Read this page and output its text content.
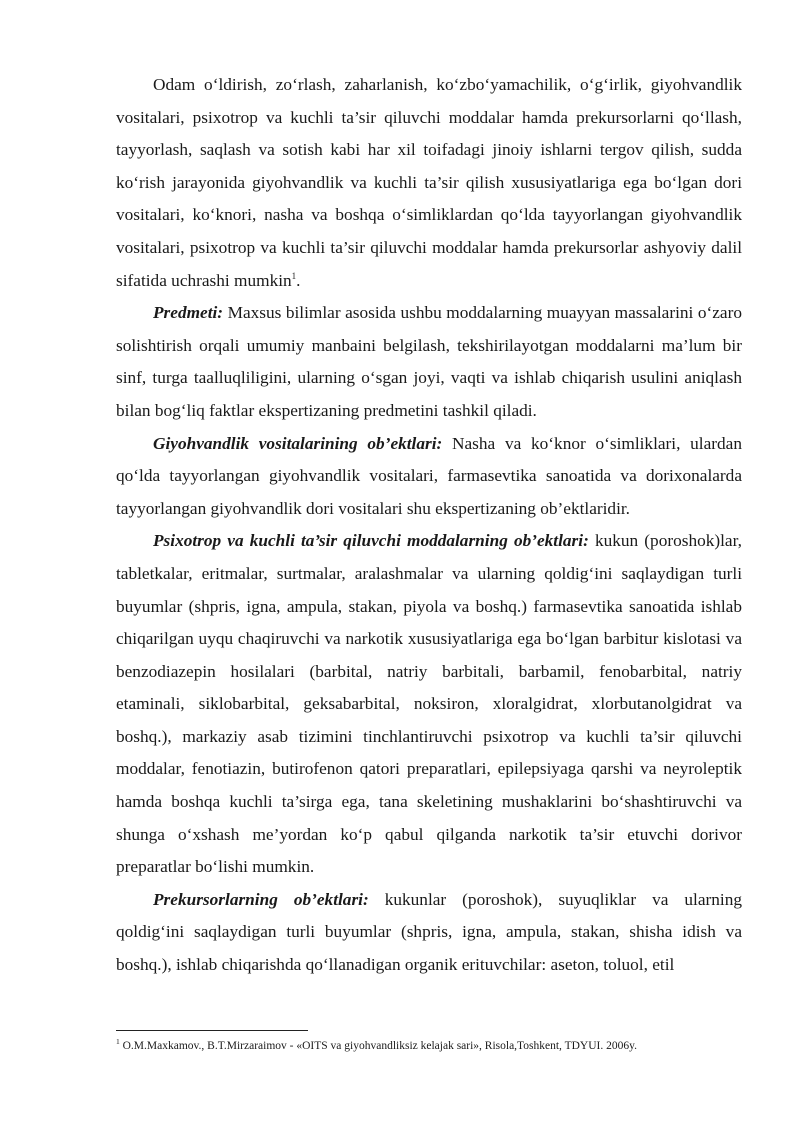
Odam o‘ldirish, zo‘rlash, zaharlanish, ko‘zbo‘yamachilik, o‘g‘irlik, giyohvandlik vositalari, psixotrop va kuchli ta’sir qiluvchi moddalar hamda prekursorlarni qo‘llash, tayyorlash, saqlash va sotish kabi har xil toifadagi jinoiy ishlarni tergov qilish, sudda ko‘rish jarayonida giyohvandlik va kuchli ta’sir qilish xususiyatlariga ega bo‘lgan dori vositalari, ko‘knori, nasha va boshqa o‘simliklardan qo‘lda tayyorlangan giyohvandlik vositalari, psixotrop va kuchli ta’sir qiluvchi moddalar hamda prekursorlar ashyoviy dalil sifatida uchrashi mumkin$^1$.

Predmeti: Maxsus bilimlar asosida ushbu moddalarning muayyan massalarini o‘zaro solishtirish orqali umumiy manbaini belgilash, tekshirilayotgan moddalarni ma’lum bir sinf, turga taalluqliligini, ularning o‘sgan joyi, vaqti va ishlab chiqarish usulini aniqlash bilan bog‘liq faktlar ekspertizaning predmetini tashkil qiladi.

Giyohvandlik vositalarining ob’ektlari: Nasha va ko‘knor o‘simliklari, ulardan qo‘lda tayyorlangan giyohvandlik vositalari, farmasevtika sanoatida va dorixonalarda tayyorlangan giyohvandlik dori vositalari shu ekspertizaning ob’ektlaridir.

Psixotrop va kuchli ta’sir qiluvchi moddalarning ob’ektlari: kukun (poroshok)lar, tabletkalar, eritmalar, surtmalar, aralashmalar va ularning qoldig‘ini saqlaydigan turli buyumlar (shpris, igna, ampula, stakan, piyola va boshq.) farmasevtika sanoatida ishlab chiqarilgan uyqu chaqiruvchi va narkotik xususiyatlariga ega bo‘lgan barbitur kislotasi va benzodiazepin hosilalari (barbital, natriy barbitali, barbamil, fenobarbital, natriy etaminali, siklobarbital, geksabarbital, noksiron, xloralgidrat, xlorbutanolgidrat va boshq.), markaziy asab tizimini tinchlantiruvchi psixotrop va kuchli ta’sir qiluvchi moddalar, fenotiazin, butirofenon qatori preparatlari, epilepsiyaga qarshi va neyroleptik hamda boshqa kuchli ta’sirga ega, tana skeletining mushaklarini bo‘shashtiruvchi va shunga o‘xshash me’yordan ko‘p qabul qilganda narkotik ta’sir etuvchi dorivor preparatlar bo‘lishi mumkin.

Prekursorlarning ob’ektlari: kukunlar (poroshok), suyuqliklar va ularning qoldig‘ini saqlaydigan turli buyumlar (shpris, igna, ampula, stakan, shisha idish va boshq.), ishlab chiqarishda qo‘llanadigan organik erituvchilar: aseton, toluol, etil

$^1$ O.M.Maxkamov., B.T.Mirzaraimov - «OITS va giyohvandliksiz kelajak sari», Risola,Toshkent, TDYUI. 2006y.
